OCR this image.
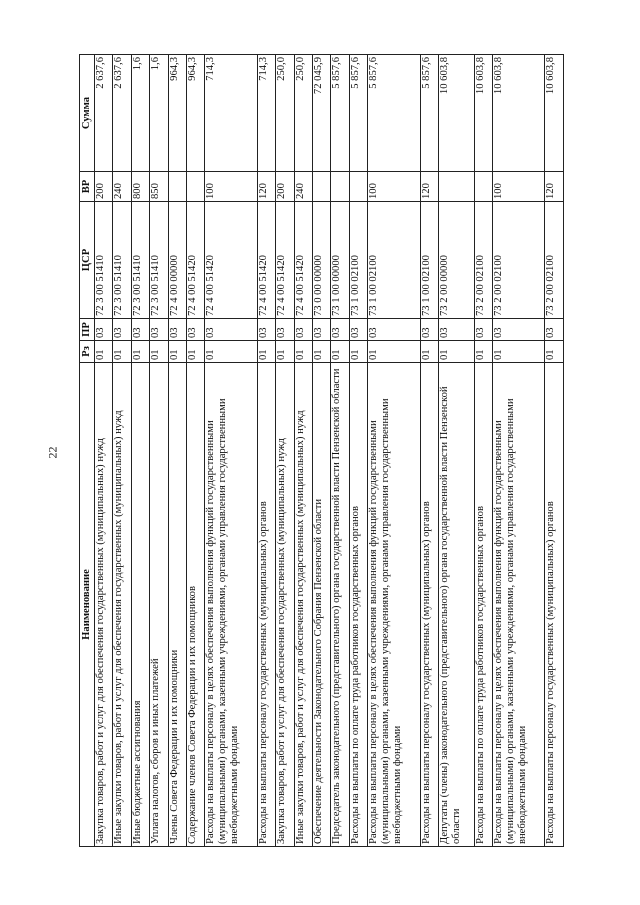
22
Наименование	Рз	ПР	ЦСР	ВР	Сумма
Закупка товаров, работ и услуг для обеспечения государственных (муниципальных) нужд	01	03	72 3 00 51410	200	2 637,6
Иные закупки товаров, работ и услуг для обеспечения государственных (муниципальных) нужд	01	03	72 3 00 51410	240	2 637,6
Иные бюджетные ассигнования	01	03	72 3 00 51410	800	1,6
Уплата налогов, сборов и иных платежей	01	03	72 3 00 51410	850	1,6
Члены Совета Федерации и их помощники	01	03	72 4 00 00000		964,3
Содержание членов Совета Федерации и их помощников	01	03	72 4 00 51420		964,3
Расходы на выплаты персоналу в целях обеспечения выполнения функций государственными (муниципальными) органами, казенными учреждениями, органами управления государственными внебюджетными фондами	01	03	72 4 00 51420	100	714,3
Расходы на выплаты персоналу государственных (муниципальных) органов	01	03	72 4 00 51420	120	714,3
Закупка товаров, работ и услуг для обеспечения государственных (муниципальных) нужд	01	03	72 4 00 51420	200	250,0
Иные закупки товаров, работ и услуг для обеспечения государственных (муниципальных) нужд	01	03	72 4 00 51420	240	250,0
Обеспечение деятельности Законодательного Собрания Пензенской области	01	03	73 0 00 00000		72 045,9
Председатель законодательного (представительного) органа государственной власти Пензенской области	01	03	73 1 00 00000		5 857,6
Расходы на выплаты по оплате труда работников государственных органов	01	03	73 1 00 02100		5 857,6
Расходы на выплаты персоналу в целях обеспечения выполнения функций государственными (муниципальными) органами, казенными учреждениями, органами управления государственными внебюджетными фондами	01	03	73 1 00 02100	100	5 857,6
Расходы на выплаты персоналу государственных (муниципальных) органов	01	03	73 1 00 02100	120	5 857,6
Депутаты (члены) законодательного (представительного) органа государственной власти Пензенской области	01	03	73 2 00 00000		10 603,8
Расходы на выплаты по оплате труда работников государственных органов	01	03	73 2 00 02100		10 603,8
Расходы на выплаты персоналу в целях обеспечения выполнения функций государственными (муниципальными) органами, казенными учреждениями, органами управления государственными внебюджетными фондами	01	03	73 2 00 02100	100	10 603,8
Расходы на выплаты персоналу государственных (муниципальных) органов	01	03	73 2 00 02100	120	10 603,8
